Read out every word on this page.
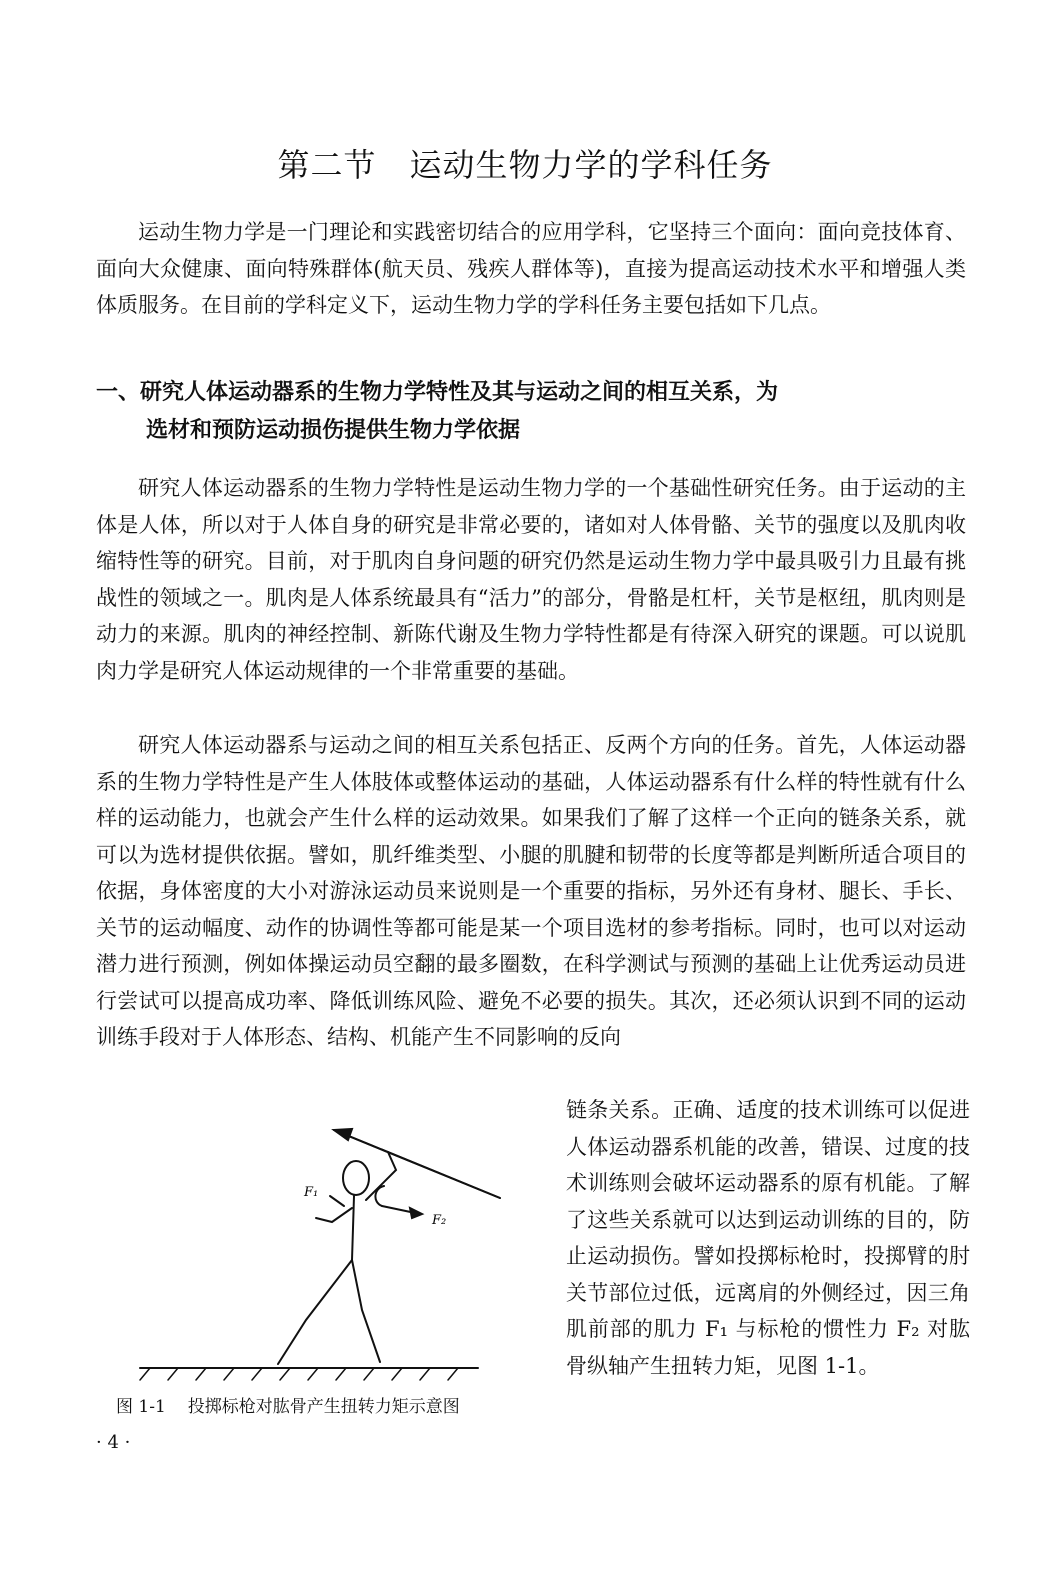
第二节　运动生物力学的学科任务

运动生物力学是一门理论和实践密切结合的应用学科，它坚持三个面向：面向竞技体育、面向大众健康、面向特殊群体(航天员、残疾人群体等)，直接为提高运动技术水平和增强人类体质服务。在目前的学科定义下，运动生物力学的学科任务主要包括如下几点。

一、研究人体运动器系的生物力学特性及其与运动之间的相互关系，为
选材和预防运动损伤提供生物力学依据

研究人体运动器系的生物力学特性是运动生物力学的一个基础性研究任务。由于运动的主体是人体，所以对于人体自身的研究是非常必要的，诸如对人体骨骼、关节的强度以及肌肉收缩特性等的研究。目前，对于肌肉自身问题的研究仍然是运动生物力学中最具吸引力且最有挑战性的领域之一。肌肉是人体系统最具有“活力”的部分，骨骼是杠杆，关节是枢纽，肌肉则是动力的来源。肌肉的神经控制、新陈代谢及生物力学特性都是有待深入研究的课题。可以说肌肉力学是研究人体运动规律的一个非常重要的基础。

研究人体运动器系与运动之间的相互关系包括正、反两个方向的任务。首先，人体运动器系的生物力学特性是产生人体肢体或整体运动的基础，人体运动器系有什么样的特性就有什么样的运动能力，也就会产生什么样的运动效果。如果我们了解了这样一个正向的链条关系，就可以为选材提供依据。譬如，肌纤维类型、小腿的肌腱和韧带的长度等都是判断所适合项目的依据，身体密度的大小对游泳运动员来说则是一个重要的指标，另外还有身材、腿长、手长、关节的运动幅度、动作的协调性等都可能是某一个项目选材的参考指标。同时，也可以对运动潜力进行预测，例如体操运动员空翻的最多圈数，在科学测试与预测的基础上让优秀运动员进行尝试可以提高成功率、降低训练风险、避免不必要的损失。其次，还必须认识到不同的运动训练手段对于人体形态、结构、机能产生不同影响的反向

链条关系。正确、适度的技术训练可以促进人体运动器系机能的改善，错误、过度的技术训练则会破坏运动器系的原有机能。了解了这些关系就可以达到运动训练的目的，防止运动损伤。譬如投掷标枪时，投掷臂的肘关节部位过低，远离肩的外侧经过，因三角肌前部的肌力 F₁ 与标枪的惯性力 F₂ 对肱骨纵轴产生扭转力矩，见图 1-1。

F₁
F₂
图 1-1 投掷标枪对肱骨产生扭转力矩示意图
· 4 ·
